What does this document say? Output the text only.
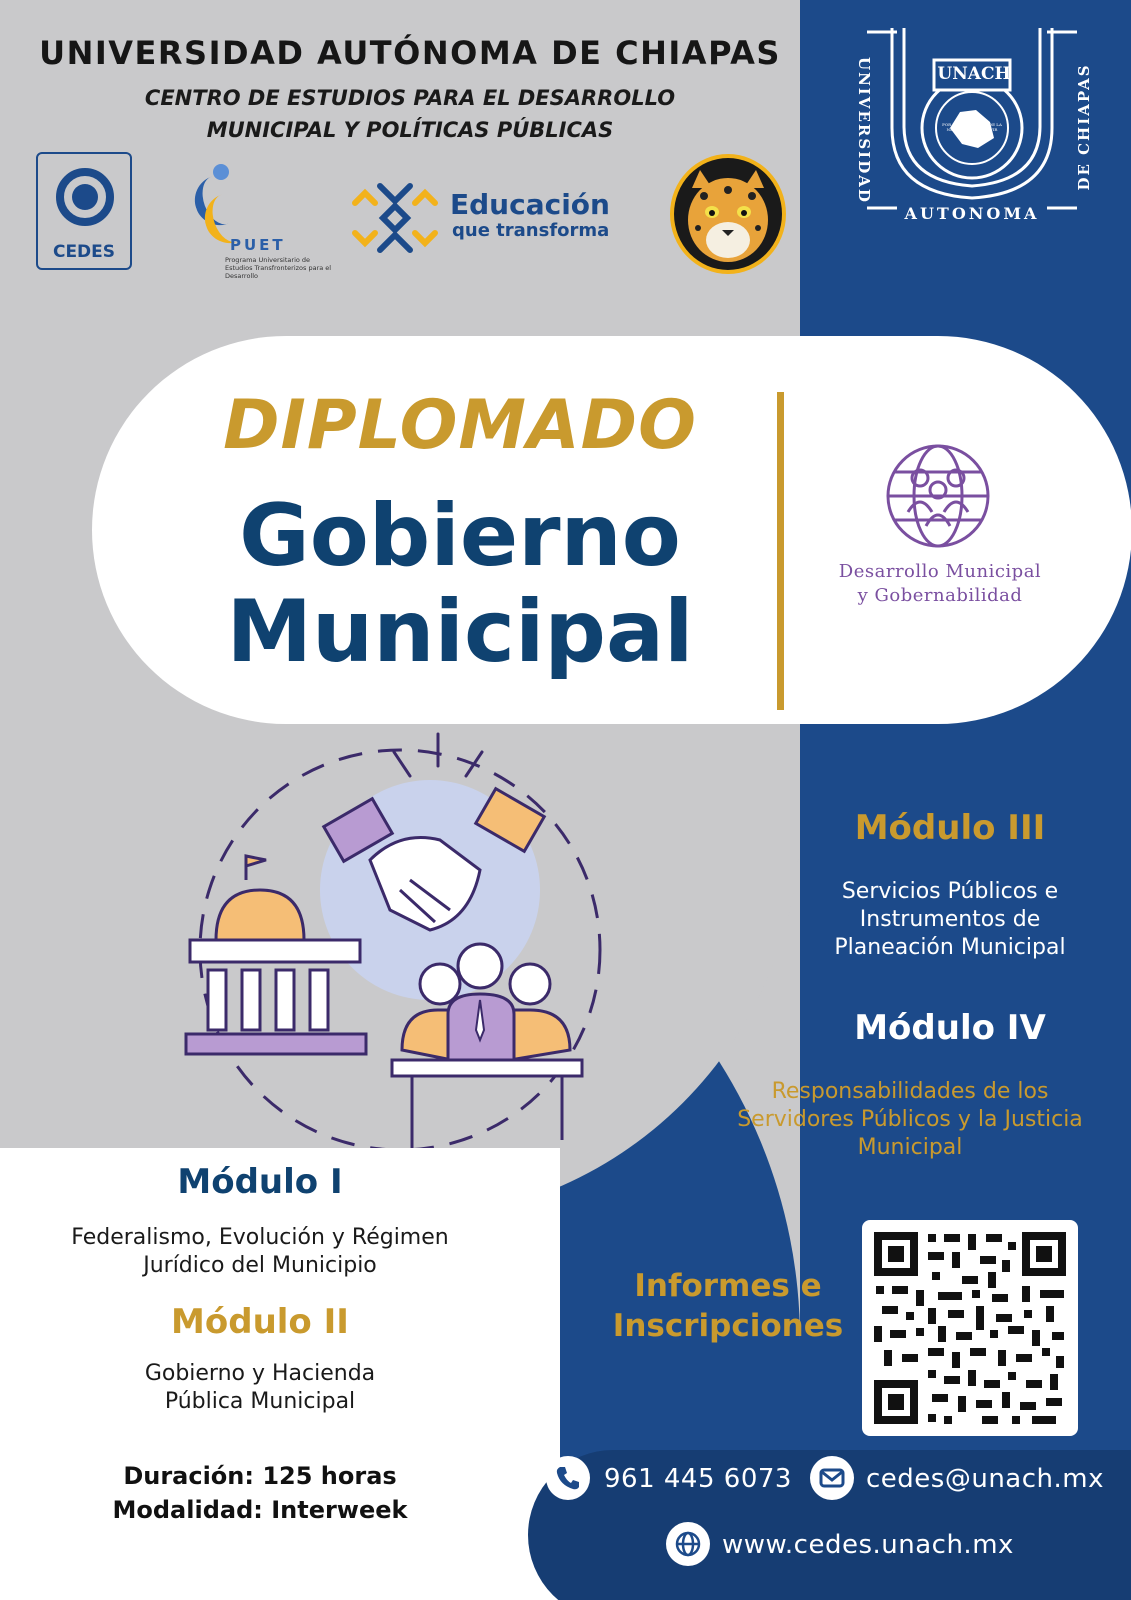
UNIVERSIDAD AUTÓNOMA DE CHIAPAS
CENTRO DE ESTUDIOS PARA EL DESARROLLO
MUNICIPAL Y POLÍTICAS PÚBLICAS
CEDES	PUET
Programa Universitario de Estudios Transfronterizos para el Desarrollo
Educación
que transforma
UNACH
UNIVERSIDAD	DE CHIAPAS
AUTONOMA
POR LA CONCIENCIA DE LA NECESIDAD DE SERVIR
DIPLOMADO
Gobierno
Municipal
Desarrollo Municipal
y Gobernabilidad
Módulo III
Servicios Públicos e
Instrumentos de
Planeación Municipal
Módulo IV
Responsabilidades de los
Servidores Públicos y la Justicia
Municipal
Módulo I
Federalismo, Evolución y Régimen
Jurídico del Municipio
Módulo II
Gobierno y Hacienda
Pública Municipal
Duración: 125 horas
Modalidad: Interweek
Informes e
Inscripciones
961 445 6073	cedes@unach.mx
www.cedes.unach.mx
